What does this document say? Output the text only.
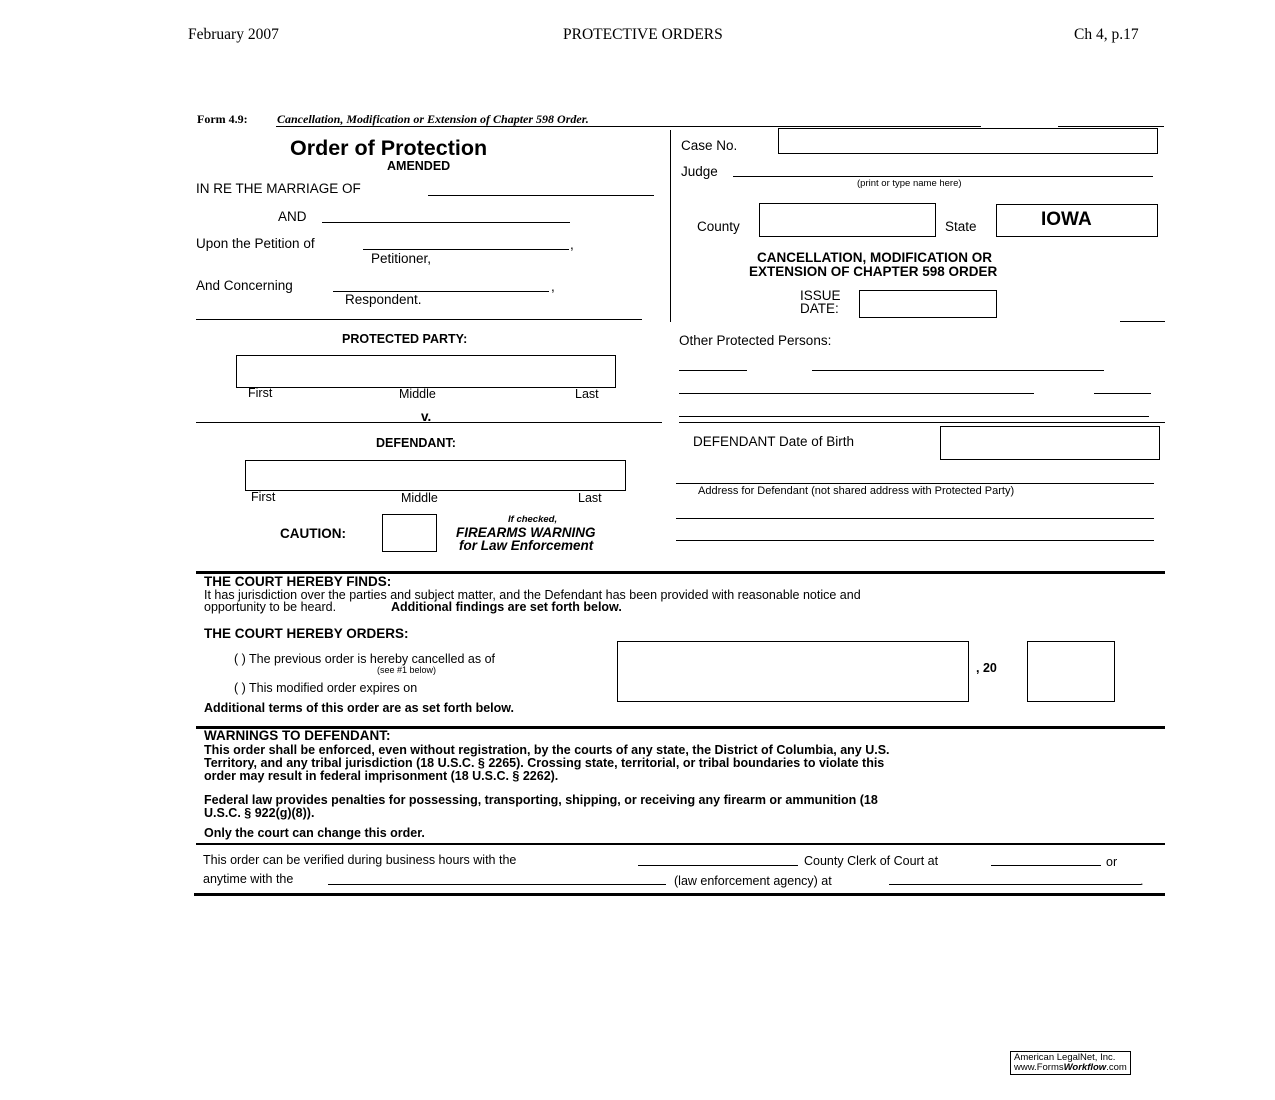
February 2007	PROTECTIVE ORDERS	Ch 4, p.17
Form 4.9: Cancellation, Modification or Extension of Chapter 598 Order.
Order of Protection
AMENDED
IN RE THE MARRIAGE OF
AND
Upon the Petition of	,
Petitioner,
And Concerning	,
Respondent.
Case No.
Judge
(print or type name here)
County	State	IOWA
CANCELLATION, MODIFICATION OR
EXTENSION OF CHAPTER 598 ORDER
ISSUE
DATE:
PROTECTED PARTY:
First	Middle	Last
Other Protected Persons:
v.
DEFENDANT:
First	Middle	Last
DEFENDANT Date of Birth
Address for Defendant (not shared address with Protected Party)
CAUTION:
If checked,
FIREARMS WARNING
for Law Enforcement
THE COURT HEREBY FINDS:
It has jurisdiction over the parties and subject matter, and the Defendant has been provided with reasonable notice and
opportunity to be heard.	Additional findings are set forth below.
THE COURT HEREBY ORDERS:
( ) The previous order is hereby cancelled as of
(see #1 below)
( ) This modified order expires on
, 20
Additional terms of this order are as set forth below.
WARNINGS TO DEFENDANT:
This order shall be enforced, even without registration, by the courts of any state, the District of Columbia, any U.S.
Territory, and any tribal jurisdiction (18 U.S.C. § 2265). Crossing state, territorial, or tribal boundaries to violate this
order may result in federal imprisonment (18 U.S.C. § 2262).
Federal law provides penalties for possessing, transporting, shipping, or receiving any firearm or ammunition (18
U.S.C. § 922(g)(8)).
Only the court can change this order.
This order can be verified during business hours with the	County Clerk of Court at	or
anytime with the	(law enforcement agency) at	.
American LegalNet, Inc.
www.FormsWorkflow.com
